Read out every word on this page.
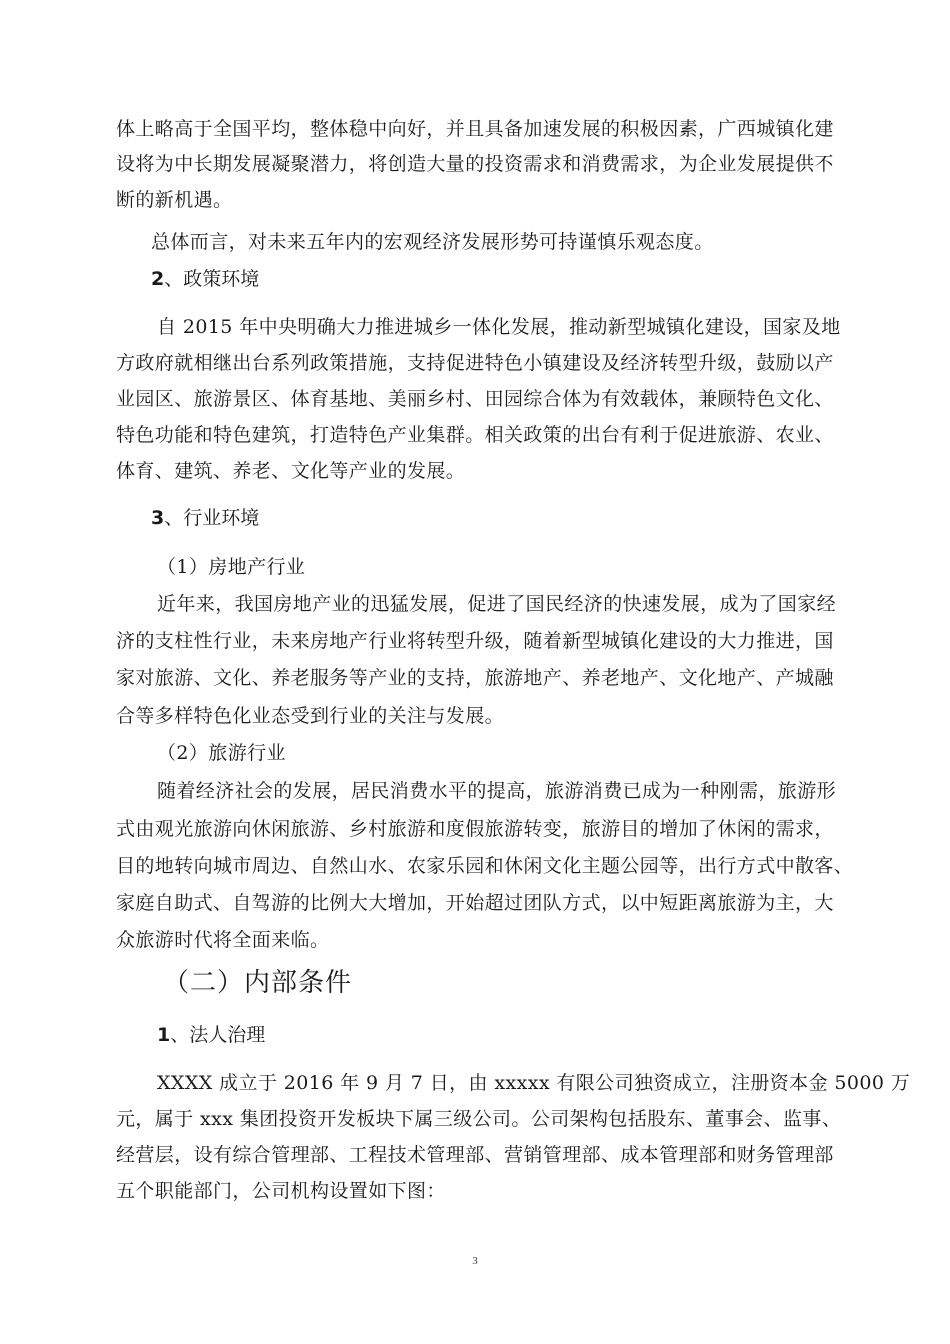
体上略高于全国平均，整体稳中向好，并且具备加速发展的积极因素，广西城镇化建
设将为中长期发展凝聚潜力，将创造大量的投资需求和消费需求，为企业发展提供不
断的新机遇。
总体而言，对未来五年内的宏观经济发展形势可持谨慎乐观态度。
2、政策环境
自 2015 年中央明确大力推进城乡一体化发展，推动新型城镇化建设，国家及地
方政府就相继出台系列政策措施，支持促进特色小镇建设及经济转型升级，鼓励以产
业园区、旅游景区、体育基地、美丽乡村、田园综合体为有效载体，兼顾特色文化、
特色功能和特色建筑，打造特色产业集群。相关政策的出台有利于促进旅游、农业、
体育、建筑、养老、文化等产业的发展。
3、行业环境
（1）房地产行业
近年来，我国房地产业的迅猛发展，促进了国民经济的快速发展，成为了国家经
济的支柱性行业，未来房地产行业将转型升级，随着新型城镇化建设的大力推进，国
家对旅游、文化、养老服务等产业的支持，旅游地产、养老地产、文化地产、产城融
合等多样特色化业态受到行业的关注与发展。
（2）旅游行业
随着经济社会的发展，居民消费水平的提高，旅游消费已成为一种刚需，旅游形
式由观光旅游向休闲旅游、乡村旅游和度假旅游转变，旅游目的增加了休闲的需求，
目的地转向城市周边、自然山水、农家乐园和休闲文化主题公园等，出行方式中散客、
家庭自助式、自驾游的比例大大增加，开始超过团队方式，以中短距离旅游为主，大
众旅游时代将全面来临。
（二）内部条件
1、法人治理
XXXX 成立于 2016 年 9 月 7 日，由 xxxxx 有限公司独资成立，注册资本金 5000 万
元，属于 xxx 集团投资开发板块下属三级公司。公司架构包括股东、董事会、监事、
经营层，设有综合管理部、工程技术管理部、营销管理部、成本管理部和财务管理部
五个职能部门，公司机构设置如下图：
3
